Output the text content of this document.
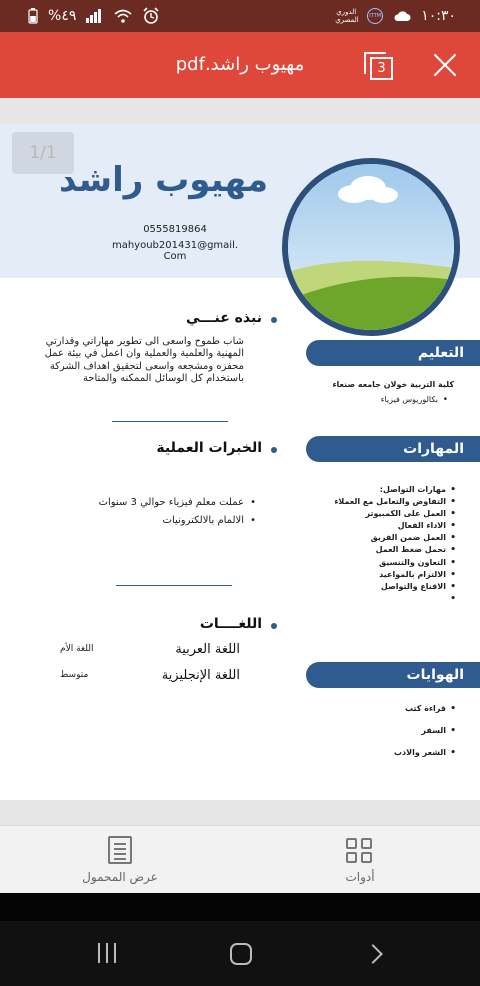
%٤٩	الدوري المصري	ITTM	١٠:٣٠
3
مهيوب راشد.pdf
1/1
مهيوب راشد
0555819864
mahyoub201431@gmail. Com
نبذه عنـــي
شاب طموح واسعى الى تطوير مهاراتي وقدارتي المهنية والعلمية والعملية وان اعمل في بيئة عمل محفزه ومشجعه واسعى لتحقيق اهداف الشركة باستخدام كل الوسائل الممكنه والمتاحة
الخبرات العملية
• عملت معلم فيزياء حوالي 3 سنوات
• الالمام بالالكترونيات
اللغــــات
اللغة العربية
اللغة الأم
اللغة الإنجليزية
متوسط
التعليم
كلية التربية خولان جامعه صنعاء
• بكالوريوس فيزياء
المهارات
• مهارات التواصل:
• التفاوض والتعامل مع العملاء
• العمل على الكمبيوتر
• الاداء الفعال
• العمل ضمن الفريق
• تحمل ضغط العمل
• التعاون والتنسيق
• الالتزام بالمواعيد
• الاقناع والتواصل
•
الهوايات
• قراءة كتب
• السفر
• الشعر والادب
أدوات
عرض المحمول
